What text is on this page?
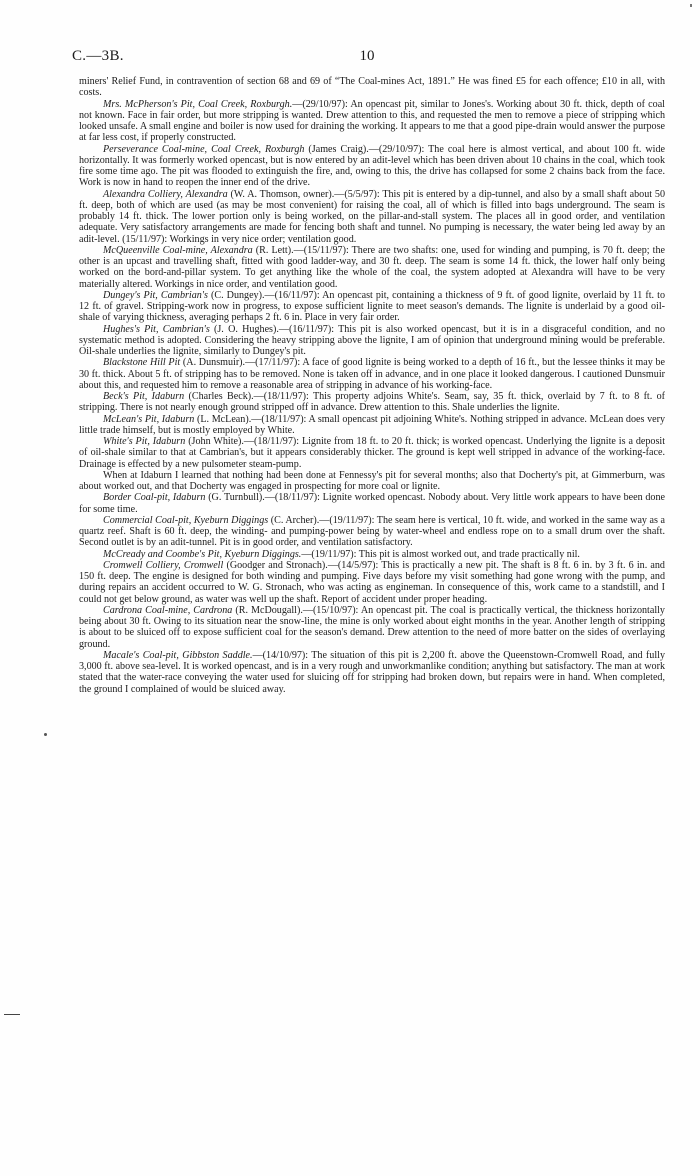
C.—3B.	10

miners' Relief Fund, in contravention of section 68 and 69 of “The Coal-mines Act, 1891.” He was fined £5 for each offence; £10 in all, with costs.

Mrs. McPherson's Pit, Coal Creek, Roxburgh.—(29/10/97): An opencast pit, similar to Jones's. Working about 30 ft. thick, depth of coal not known. Face in fair order, but more stripping is wanted. Drew attention to this, and requested the men to remove a piece of stripping which looked unsafe. A small engine and boiler is now used for draining the working. It appears to me that a good pipe-drain would answer the purpose at far less cost, if properly constructed.

Perseverance Coal-mine, Coal Creek, Roxburgh (James Craig).—(29/10/97): The coal here is almost vertical, and about 100 ft. wide horizontally. It was formerly worked opencast, but is now entered by an adit-level which has been driven about 10 chains in the coal, which took fire some time ago. The pit was flooded to extinguish the fire, and, owing to this, the drive has collapsed for some 2 chains back from the face. Work is now in hand to reopen the inner end of the drive.

Alexandra Colliery, Alexandra (W. A. Thomson, owner).—(5/5/97): This pit is entered by a dip-tunnel, and also by a small shaft about 50 ft. deep, both of which are used (as may be most convenient) for raising the coal, all of which is filled into bags underground. The seam is probably 14 ft. thick. The lower portion only is being worked, on the pillar-and-stall system. The places all in good order, and ventilation adequate. Very satisfactory arrangements are made for fencing both shaft and tunnel. No pumping is necessary, the water being led away by an adit-level. (15/11/97): Workings in very nice order; ventilation good.

McQueenville Coal-mine, Alexandra (R. Lett).—(15/11/97): There are two shafts: one, used for winding and pumping, is 70 ft. deep; the other is an upcast and travelling shaft, fitted with good ladder-way, and 30 ft. deep. The seam is some 14 ft. thick, the lower half only being worked on the bord-and-pillar system. To get anything like the whole of the coal, the system adopted at Alexandra will have to be very materially altered. Workings in nice order, and ventilation good.

Dungey's Pit, Cambrian's (C. Dungey).—(16/11/97): An opencast pit, containing a thickness of 9 ft. of good lignite, overlaid by 11 ft. to 12 ft. of gravel. Stripping-work now in progress, to expose sufficient lignite to meet season's demands. The lignite is underlaid by a good oil-shale of varying thickness, averaging perhaps 2 ft. 6 in. Place in very fair order.

Hughes's Pit, Cambrian's (J. O. Hughes).—(16/11/97): This pit is also worked opencast, but it is in a disgraceful condition, and no systematic method is adopted. Considering the heavy stripping above the lignite, I am of opinion that underground mining would be preferable. Oil-shale underlies the lignite, similarly to Dungey's pit.

Blackstone Hill Pit (A. Dunsmuir).—(17/11/97): A face of good lignite is being worked to a depth of 16 ft., but the lessee thinks it may be 30 ft. thick. About 5 ft. of stripping has to be removed. None is taken off in advance, and in one place it looked dangerous. I cautioned Dunsmuir about this, and requested him to remove a reasonable area of stripping in advance of his working-face.

Beck's Pit, Idaburn (Charles Beck).—(18/11/97): This property adjoins White's. Seam, say, 35 ft. thick, overlaid by 7 ft. to 8 ft. of stripping. There is not nearly enough ground stripped off in advance. Drew attention to this. Shale underlies the lignite.

McLean's Pit, Idaburn (L. McLean).—(18/11/97): A small opencast pit adjoining White's. Nothing stripped in advance. McLean does very little trade himself, but is mostly employed by White.

White's Pit, Idaburn (John White).—(18/11/97): Lignite from 18 ft. to 20 ft. thick; is worked opencast. Underlying the lignite is a deposit of oil-shale similar to that at Cambrian's, but it appears considerably thicker. The ground is kept well stripped in advance of the working-face. Drainage is effected by a new pulsometer steam-pump.

When at Idaburn I learned that nothing had been done at Fennessy's pit for several months; also that Docherty's pit, at Gimmerburn, was about worked out, and that Docherty was engaged in prospecting for more coal or lignite.

Border Coal-pit, Idaburn (G. Turnbull).—(18/11/97): Lignite worked opencast. Nobody about. Very little work appears to have been done for some time.

Commercial Coal-pit, Kyeburn Diggings (C. Archer).—(19/11/97): The seam here is vertical, 10 ft. wide, and worked in the same way as a quartz reef. Shaft is 60 ft. deep, the winding- and pumping-power being by water-wheel and endless rope on to a small drum over the shaft. Second outlet is by an adit-tunnel. Pit is in good order, and ventilation satisfactory.

McCready and Coombe's Pit, Kyeburn Diggings.—(19/11/97): This pit is almost worked out, and trade practically nil.

Cromwell Colliery, Cromwell (Goodger and Stronach).—(14/5/97): This is practically a new pit. The shaft is 8 ft. 6 in. by 3 ft. 6 in. and 150 ft. deep. The engine is designed for both winding and pumping. Five days before my visit something had gone wrong with the pump, and during repairs an accident occurred to W. G. Stronach, who was acting as engineman. In consequence of this, work came to a standstill, and I could not get below ground, as water was well up the shaft. Report of accident under proper heading.

Cardrona Coal-mine, Cardrona (R. McDougall).—(15/10/97): An opencast pit. The coal is practically vertical, the thickness horizontally being about 30 ft. Owing to its situation near the snow-line, the mine is only worked about eight months in the year. Another length of stripping is about to be sluiced off to expose sufficient coal for the season's demand. Drew attention to the need of more batter on the sides of overlaying ground.

Macale's Coal-pit, Gibbston Saddle.—(14/10/97): The situation of this pit is 2,200 ft. above the Queenstown-Cromwell Road, and fully 3,000 ft. above sea-level. It is worked opencast, and is in a very rough and unworkmanlike condition; anything but satisfactory. The man at work stated that the water-race conveying the water used for sluicing off for stripping had broken down, but repairs were in hand. When completed, the ground I complained of would be sluiced away.
